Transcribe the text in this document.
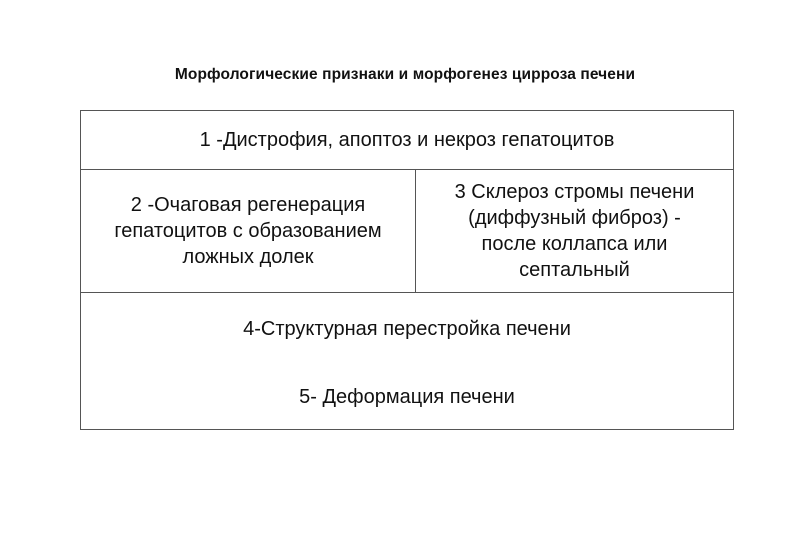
Морфологические признаки и морфогенез цирроза печени
1 -Дистрофия, апоптоз и некроз гепатоцитов
2 -Очаговая регенерация
гепатоцитов с образованием
ложных долек
3 Склероз стромы печени
(диффузный фиброз) -
после коллапса или
септальный
4-Структурная перестройка печени
5- Деформация печени
